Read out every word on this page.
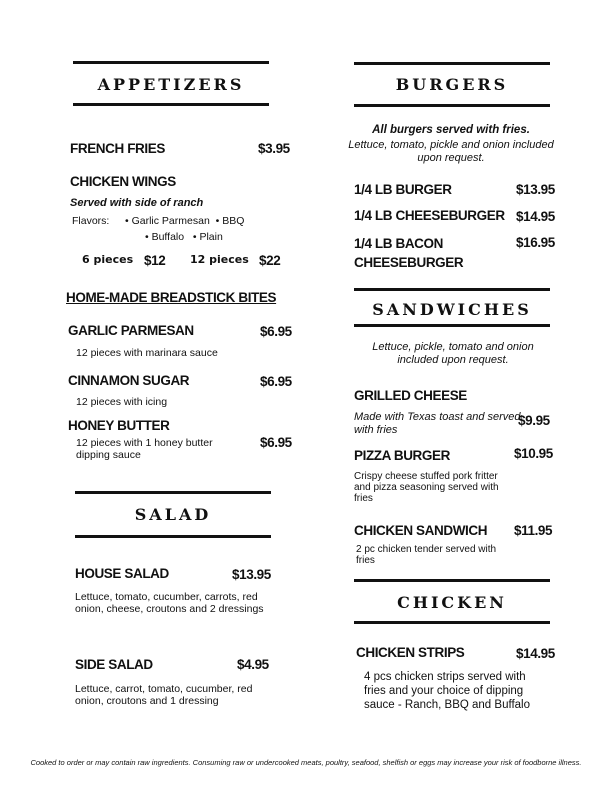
APPETIZERS
FRENCH FRIES	$3.95
CHICKEN WINGS
Served with side of ranch
Flavors: • Garlic Parmesan  • BBQ
• Buffalo   • Plain
6 pieces $12 12 pieces $22
HOME-MADE BREADSTICK BITES
GARLIC PARMESAN	$6.95
12 pieces with marinara sauce
CINNAMON SUGAR	$6.95
12 pieces with icing
HONEY BUTTER
$6.95
12 pieces with 1 honey butter dipping sauce
SALAD
HOUSE SALAD	$13.95
Lettuce, tomato, cucumber, carrots, red onion, cheese, croutons and 2 dressings
SIDE SALAD	$4.95
Lettuce, carrot, tomato, cucumber, red onion, croutons and 1 dressing
BURGERS
All burgers served with fries.
Lettuce, tomato, pickle and onion included upon request.
1/4 LB BURGER	$13.95
1/4 LB CHEESEBURGER $14.95
1/4 LB BACON CHEESEBURGER
$16.95
SANDWICHES
Lettuce, pickle, tomato and onion included upon request.
GRILLED CHEESE
$9.95
Made with Texas toast and served with fries
PIZZA BURGER	$10.95
Crispy cheese stuffed pork fritter and pizza seasoning served with fries
CHICKEN SANDWICH $11.95
2 pc chicken tender served with fries
CHICKEN
CHICKEN STRIPS	$14.95
4 pcs chicken strips served with fries and your choice of dipping sauce - Ranch, BBQ and Buffalo
Cooked to order or may contain raw ingredients. Consuming raw or undercooked meats, poultry, seafood, shelfish or eggs may increase your risk of foodborne illness.
